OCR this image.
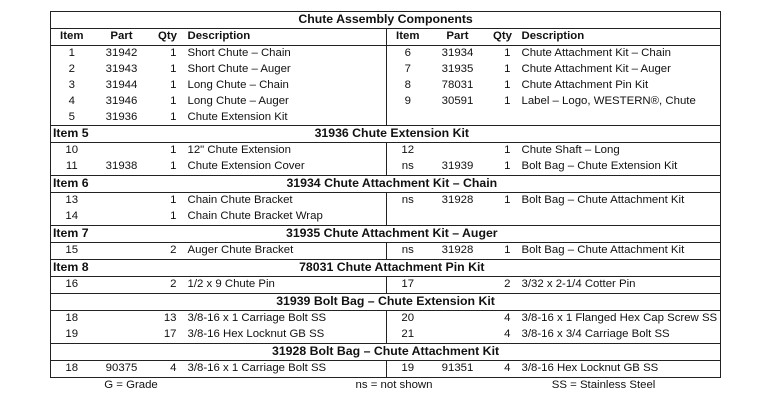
Chute Assembly Components							
Item	Part	Qty	Description	Item	Part	Qty	Description
1	31942	1	Short Chute – Chain	6	31934	1	Chute Attachment Kit – Chain
2	31943	1	Short Chute – Auger	7	31935	1	Chute Attachment Kit – Auger
3	31944	1	Long Chute – Chain	8	78031	1	Chute Attachment Pin Kit
4	31946	1	Long Chute – Auger	9	30591	1	Label – Logo, WESTERN®, Chute
5	31936	1	Chute Extension Kit				
Item 5		31936 Chute Extension Kit					
10		1	12" Chute Extension	12		1	Chute Shaft – Long
11	31938	1	Chute Extension Cover	ns	31939	1	Bolt Bag – Chute Extension Kit
Item 6		31934 Chute Attachment Kit – Chain					
13		1	Chain Chute Bracket	ns	31928	1	Bolt Bag – Chute Attachment Kit
14		1	Chain Chute Bracket Wrap				
Item 7		31935 Chute Attachment Kit – Auger					
15		2	Auger Chute Bracket	ns	31928	1	Bolt Bag – Chute Attachment Kit
Item 8		78031 Chute Attachment Pin Kit					
16		2	1/2 x 9 Chute Pin	17		2	3/32 x 2-1/4 Cotter Pin
31939 Bolt Bag – Chute Extension Kit							
18		13	3/8-16 x 1 Carriage Bolt SS	20		4	3/8-16 x 1 Flanged Hex Cap Screw SS
19		17	3/8-16 Hex Locknut GB SS	21		4	3/8-16 x 3/4 Carriage Bolt SS
31928 Bolt Bag – Chute Attachment Kit							
18	90375	4	3/8-16 x 1 Carriage Bolt SS	19	91351	4	3/8-16 Hex Locknut GB SS
G = Grade			ns = not shown			SS = Stainless Steel	
